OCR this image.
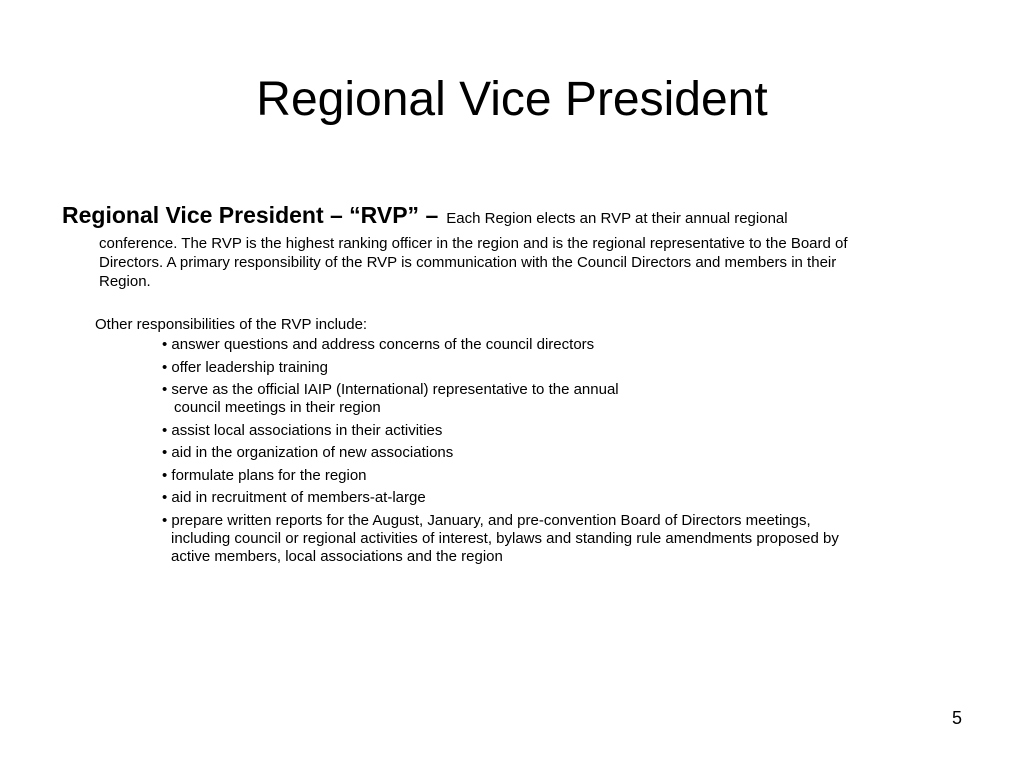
Regional Vice President
Regional Vice President – “RVP” – Each Region elects an RVP at their annual regional
conference. The RVP is the highest ranking officer in the region and is the regional representative to the Board of
Directors. A primary responsibility of the RVP is communication with the Council Directors and members in their
Region.
Other responsibilities of the RVP include:
• answer questions and address concerns of the council directors
• offer leadership training
• serve as the official IAIP (International) representative to the annual
council meetings in their region
• assist local associations in their activities
• aid in the organization of new associations
• formulate plans for the region
• aid in recruitment of members-at-large
• prepare written reports for the August, January, and pre-convention Board of Directors meetings,
including council or regional activities of interest, bylaws and standing rule amendments proposed by
active members, local associations and the region
5
